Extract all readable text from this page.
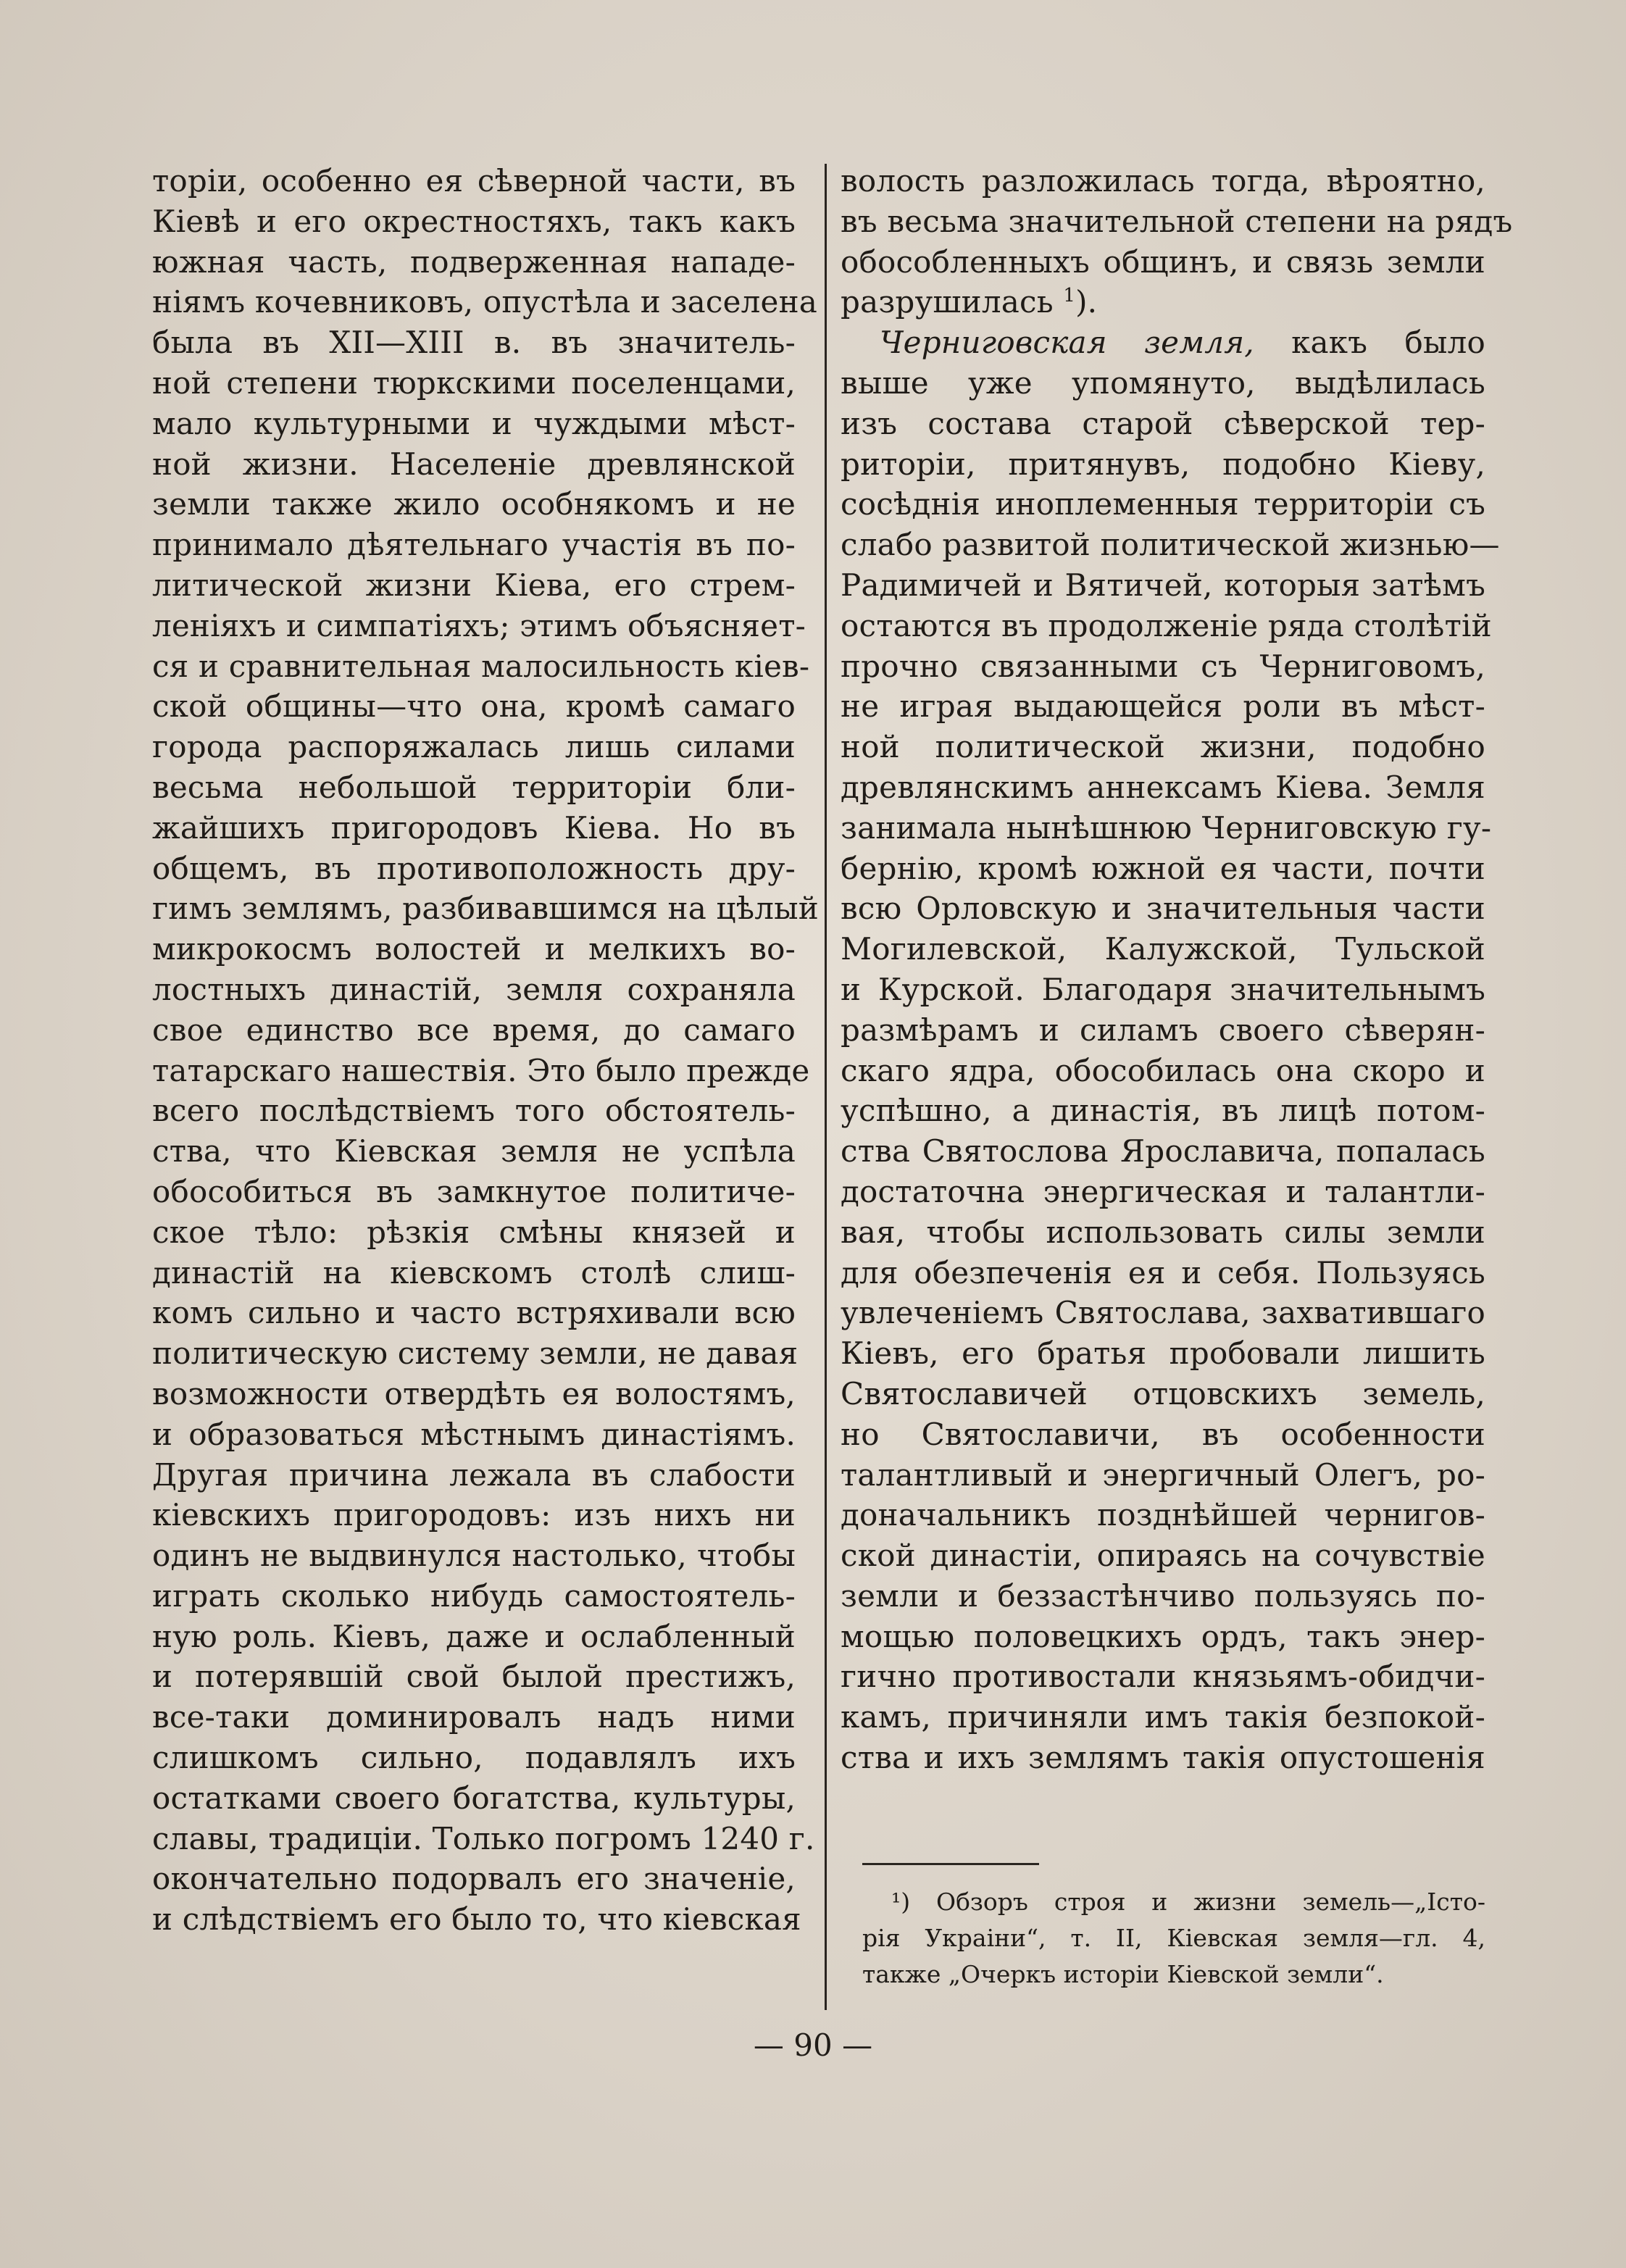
торіи, особенно ея сѣверной части, въ
Кіевѣ и его окрестностяхъ, такъ какъ
южная часть, подверженная нападе-
ніямъ кочевниковъ, опустѣла и заселена
была въ XII—XIII в. въ значитель-
ной степени тюркскими поселенцами,
мало культурными и чуждыми мѣст-
ной жизни. Населеніе древлянской
земли также жило особнякомъ и не
принимало дѣятельнаго участія въ по-
литической жизни Кіева, его стрем-
леніяхъ и симпатіяхъ; этимъ объясняет-
ся и сравнительная малосильность кіев-
ской общины—что она, кромѣ самаго
города распоряжалась лишь силами
весьма небольшой территоріи бли-
жайшихъ пригородовъ Кіева. Но въ
общемъ, въ противоположность дру-
гимъ землямъ, разбивавшимся на цѣлый
микрокосмъ волостей и мелкихъ во-
лостныхъ династій, земля сохраняла
свое единство все время, до самаго
татарскаго нашествія. Это было прежде
всего послѣдствіемъ того обстоятель-
ства, что Кіевская земля не успѣла
обособиться въ замкнутое политиче-
ское тѣло: рѣзкія смѣны князей и
династій на кіевскомъ столѣ слиш-
комъ сильно и часто встряхивали всю
политическую систему земли, не давая
возможности отвердѣть ея волостямъ,
и образоваться мѣстнымъ династіямъ.
Другая причина лежала въ слабости
кіевскихъ пригородовъ: изъ нихъ ни
одинъ не выдвинулся настолько, чтобы
играть сколько нибудь самостоятель-
ную роль. Кіевъ, даже и ослабленный
и потерявшій свой былой престижъ,
все-таки доминировалъ надъ ними
слишкомъ сильно, подавлялъ ихъ
остатками своего богатства, культуры,
славы, традиціи. Только погромъ 1240 г.
окончательно подорвалъ его значеніе,
и слѣдствіемъ его было то, что кіевская
волость разложилась тогда, вѣроятно,
въ весьма значительной степени на рядъ
обособленныхъ общинъ, и связь земли
разрушилась $^1$).
Черниговская земля, какъ было
выше уже упомянуто, выдѣлилась
изъ состава старой сѣверской тер-
риторіи, притянувъ, подобно Кіеву,
сосѣднія иноплеменныя территоріи съ
слабо развитой политической жизнью—
Радимичей и Вятичей, которыя затѣмъ
остаются въ продолженіе ряда столѣтій
прочно связанными съ Черниговомъ,
не играя выдающейся роли въ мѣст-
ной политической жизни, подобно
древлянскимъ аннексамъ Кіева. Земля
занимала нынѣшнюю Черниговскую гу-
бернію, кромѣ южной ея части, почти
всю Орловскую и значительныя части
Могилевской, Калужской, Тульской
и Курской. Благодаря значительнымъ
размѣрамъ и силамъ своего сѣверян-
скаго ядра, обособилась она скоро и
успѣшно, а династія, въ лицѣ потом-
ства Святослова Ярославича, попалась
достаточна энергическая и талантли-
вая, чтобы использовать силы земли
для обезпеченія ея и себя. Пользуясь
увлеченіемъ Святослава, захватившаго
Кіевъ, его братья пробовали лишить
Святославичей отцовскихъ земель,
но Святославичи, въ особенности
талантливый и энергичный Олегъ, ро-
доначальникъ позднѣйшей чернигов-
ской династіи, опираясь на сочувствіе
земли и беззастѣнчиво пользуясь по-
мощью половецкихъ ордъ, такъ энер-
гично противостали князьямъ-обидчи-
камъ, причиняли имъ такія безпокой-
ства и ихъ землямъ такія опустошенія
¹) Обзоръ строя и жизни земель—„Істо-
рія Украіни“, т. II, Кіевская земля—гл. 4,
также „Очеркъ исторіи Кіевской земли“.
— 90 —
